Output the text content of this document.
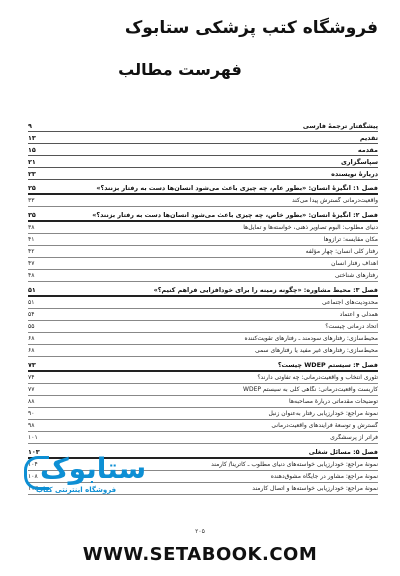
فروشگاه کتب پزشکی ستابوک
فهرست مطالب
پیشگفتار ترجمهٔ فارسی
۹
تقدیم
۱۳
مقدمه
۱۵
سپاسگزاری
۲۱
دربارهٔ نویسنده
۲۳
فصل ۱: انگیزهٔ انسان: «بطور عام، چه چیزی باعث می‌شود انسان‌ها دست به رفتار بزنند؟»
۲۵
واقعیت‌درمانی گسترش پیدا می‌کند
۳۳
فصل ۲: انگیزهٔ انسان: «بطور خاص، چه چیزی باعث می‌شود انسان‌ها دست به رفتار بزنند؟»
۳۵
دنیای مطلوب: آلبوم تصاویر ذهنی، خواسته‌ها و تمایل‌ها
۳۸
مکان مقایسه: ترازوها
۴۱
رفتار کلی انسان: چهار مؤلفه
۴۲
اهداف رفتار انسان
۴۷
رفتارهای شناختی
۴۸
فصل ۳: محیط مشاوره: «چگونه زمینه را برای خودافزایی فراهم کنیم؟»
۵۱
محدودیت‌های اجتماعی
۵۱
همدلی و اعتماد
۵۴
اتحاد درمانی چیست؟
۵۵
محیط‌سازی: رفتارهای سودمند ـ رفتارهای تقویت‌کننده
۶۸
محیط‌سازی: رفتارهای غیر مفید یا رفتارهای سمی
۶۸
فصل ۴: سیستم WDEP چیست؟
۷۳
تئوری انتخاب و واقعیت‌درمانی: چه تفاوتی دارند؟
۷۴
کاربست واقعیت‌درمانی: نگاهی کلی به سیستم WDEP
۷۷
توضیحات مقدماتی دربارهٔ مصاحبه‌ها
۸۸
نمونهٔ مراجع: خودارزیابی رفتار به‌عنوان زنبل
۹۰
گسترش و توسعهٔ فرآیندهای واقعیت‌درمانی
۹۸
فراتر از پرسشگری
۱۰۱
فصل ۵: مسائل شغلی
۱۰۳
نمونهٔ مراجع: خودارزیابی خواسته‌های دنیای مطلوب ـ کاترینا/ کارمند
۱۰۴
نمونهٔ مراجع: مشاور در جایگاه مشوق‌دهنده
۱۰۸
نمونهٔ مراجع: خودارزیابی خواسته‌ها و اتصال کارمند
۱۱۳
ستابوک
فروشگاه اینترنتی کتاب
۲۰۵
WWW.SETABOOK.COM
